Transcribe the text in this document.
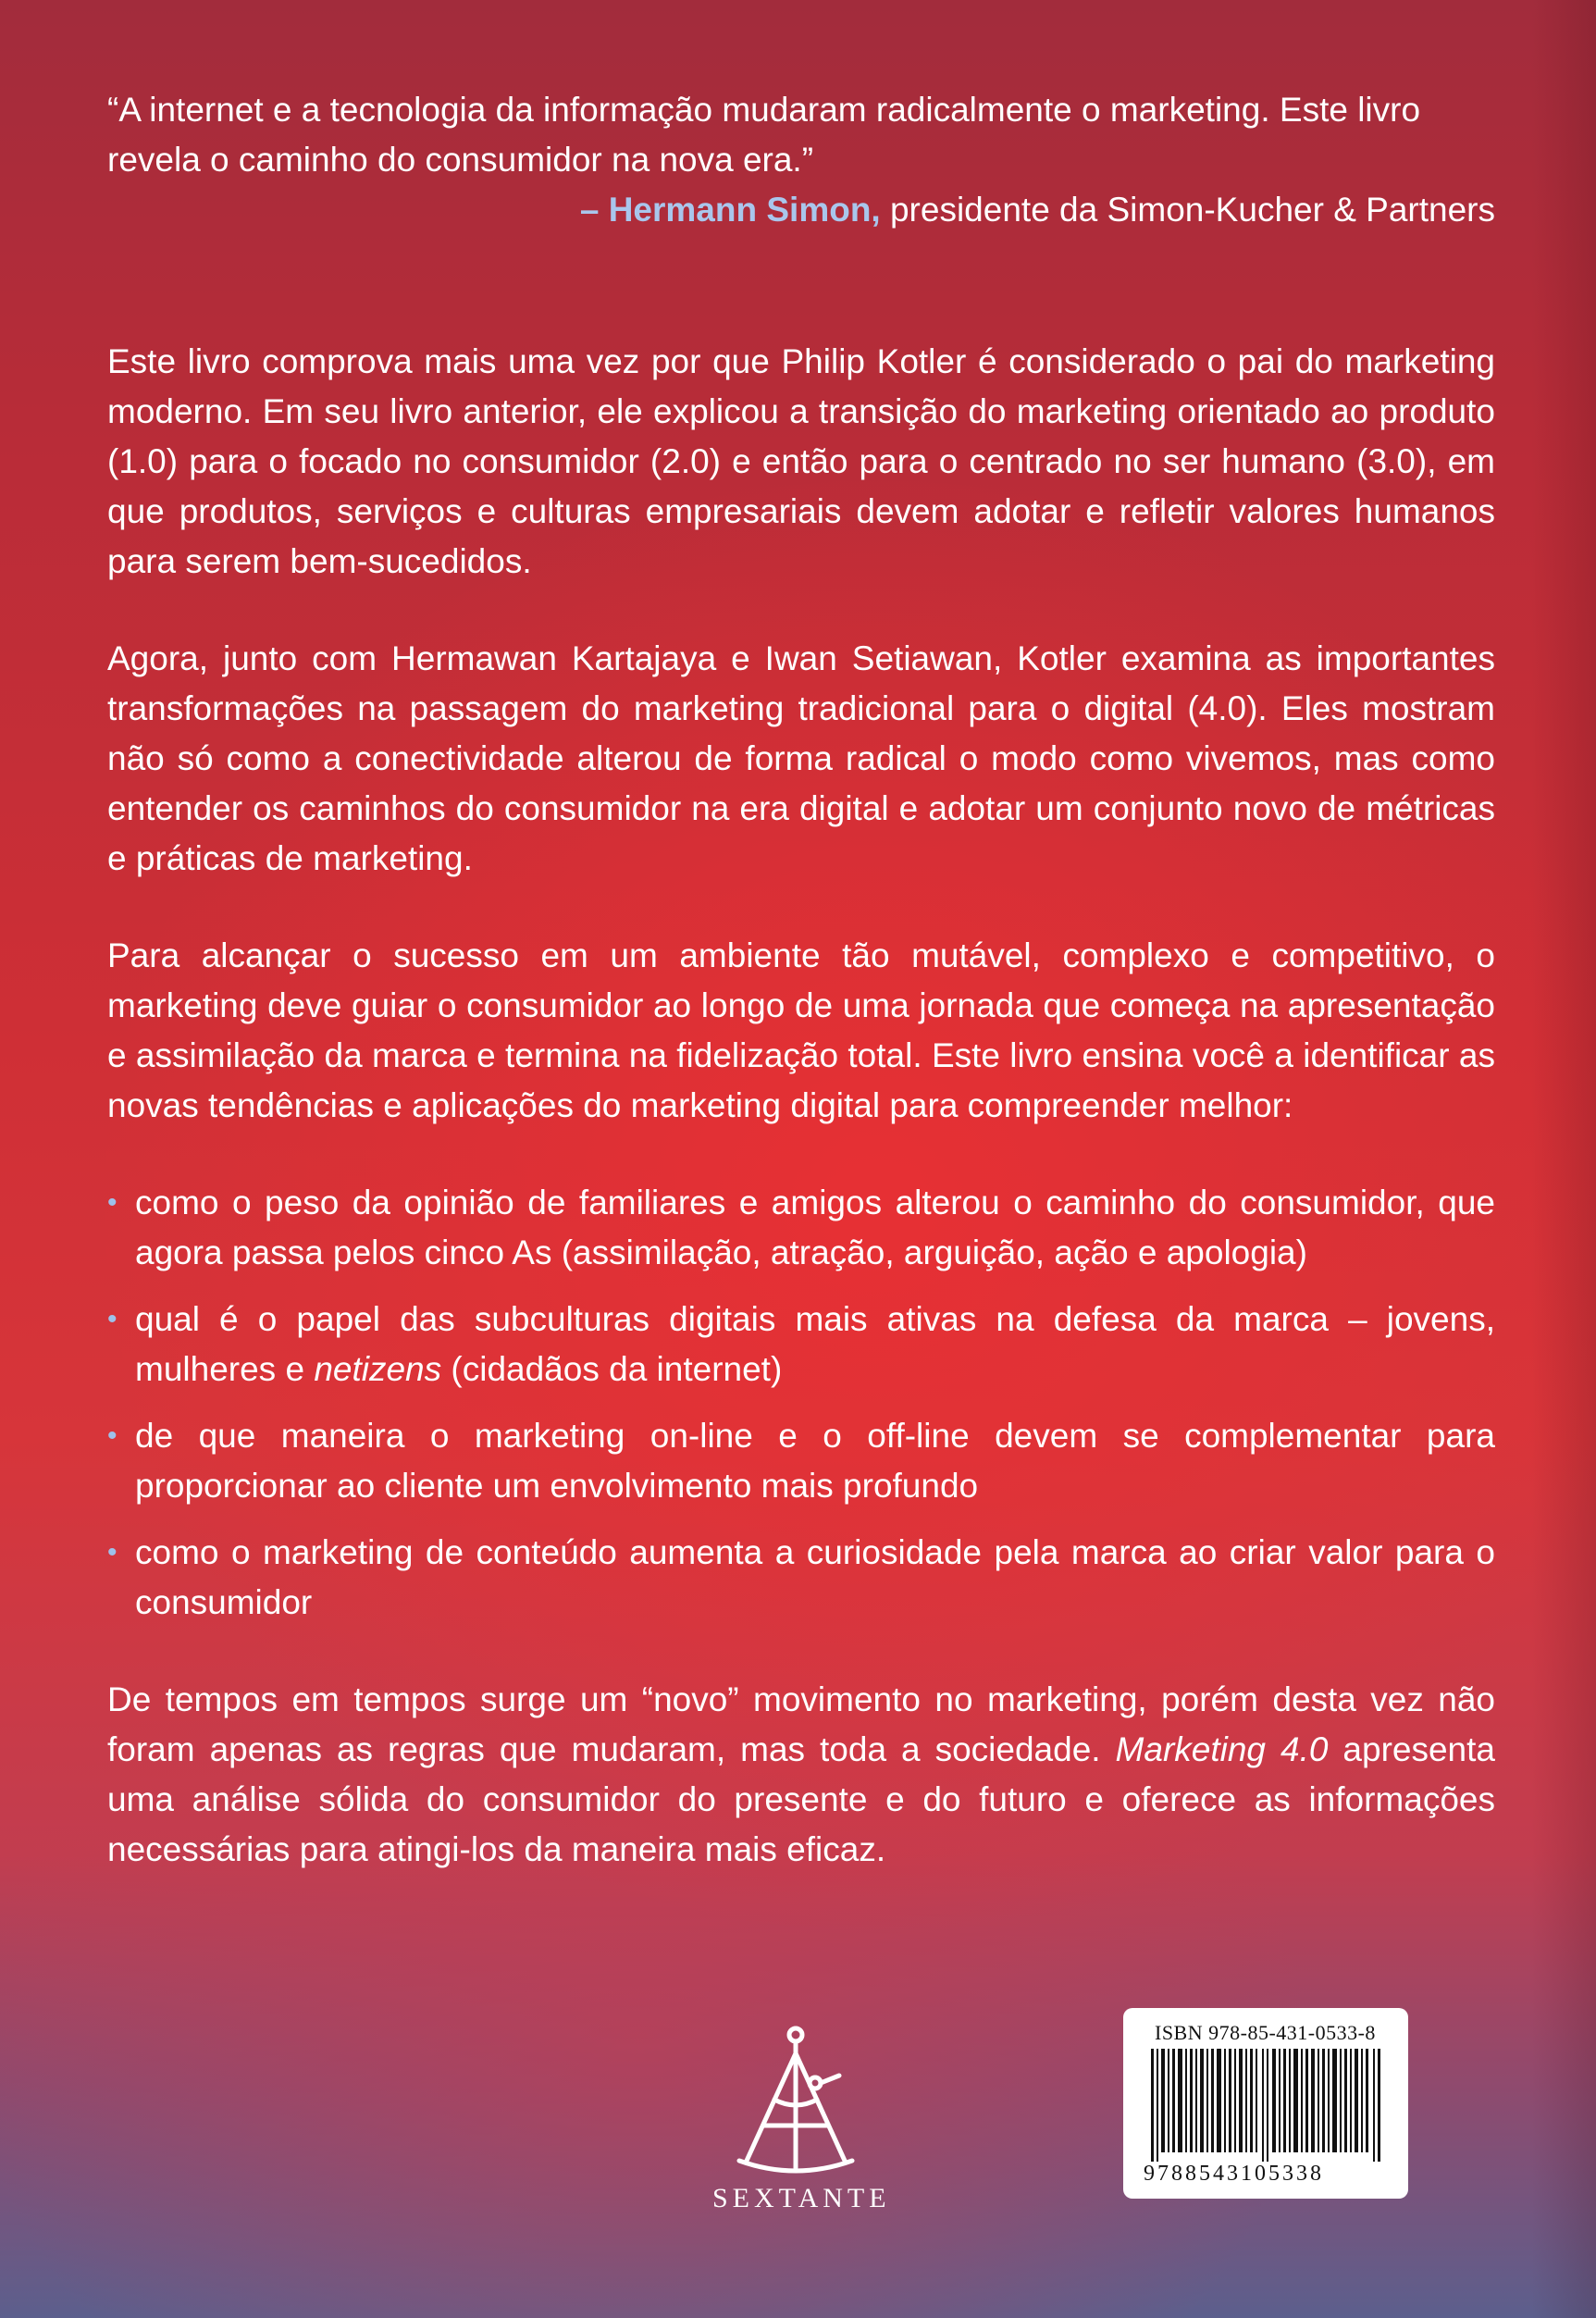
“A internet e a tecnologia da informação mudaram radicalmente o marketing. Este livro revela o caminho do consumidor na nova era.”

– Hermann Simon, presidente da Simon-Kucher & Partners

Este livro comprova mais uma vez por que Philip Kotler é considerado o pai do marketing moderno. Em seu livro anterior, ele explicou a transição do marketing orientado ao produto (1.0) para o focado no consumidor (2.0) e então para o centrado no ser humano (3.0), em que produtos, serviços e culturas empresariais devem adotar e refletir valores humanos para serem bem-sucedidos.

Agora, junto com Hermawan Kartajaya e Iwan Setiawan, Kotler examina as importantes transformações na passagem do marketing tradicional para o digital (4.0). Eles mostram não só como a conectividade alterou de forma radical o modo como vivemos, mas como entender os caminhos do consumidor na era digital e adotar um conjunto novo de métricas e práticas de marketing.

Para alcançar o sucesso em um ambiente tão mutável, complexo e competitivo, o marketing deve guiar o consumidor ao longo de uma jornada que começa na apresentação e assimilação da marca e termina na fidelização total. Este livro ensina você a identificar as novas tendências e aplicações do marketing digital para compreender melhor:

• como o peso da opinião de familiares e amigos alterou o caminho do consumidor, que agora passa pelos cinco As (assimilação, atração, arguição, ação e apologia)
• qual é o papel das subculturas digitais mais ativas na defesa da marca – jovens, mulheres e netizens (cidadãos da internet)
• de que maneira o marketing on-line e o off-line devem se complementar para proporcionar ao cliente um envolvimento mais profundo
• como o marketing de conteúdo aumenta a curiosidade pela marca ao criar valor para o consumidor

De tempos em tempos surge um “novo” movimento no marketing, porém desta vez não foram apenas as regras que mudaram, mas toda a sociedade. Marketing 4.0 apresenta uma análise sólida do consumidor do presente e do futuro e oferece as informações necessárias para atingi-los da maneira mais eficaz.

SEXTANTE
ISBN 978-85-431-0533-8
9788543105338
